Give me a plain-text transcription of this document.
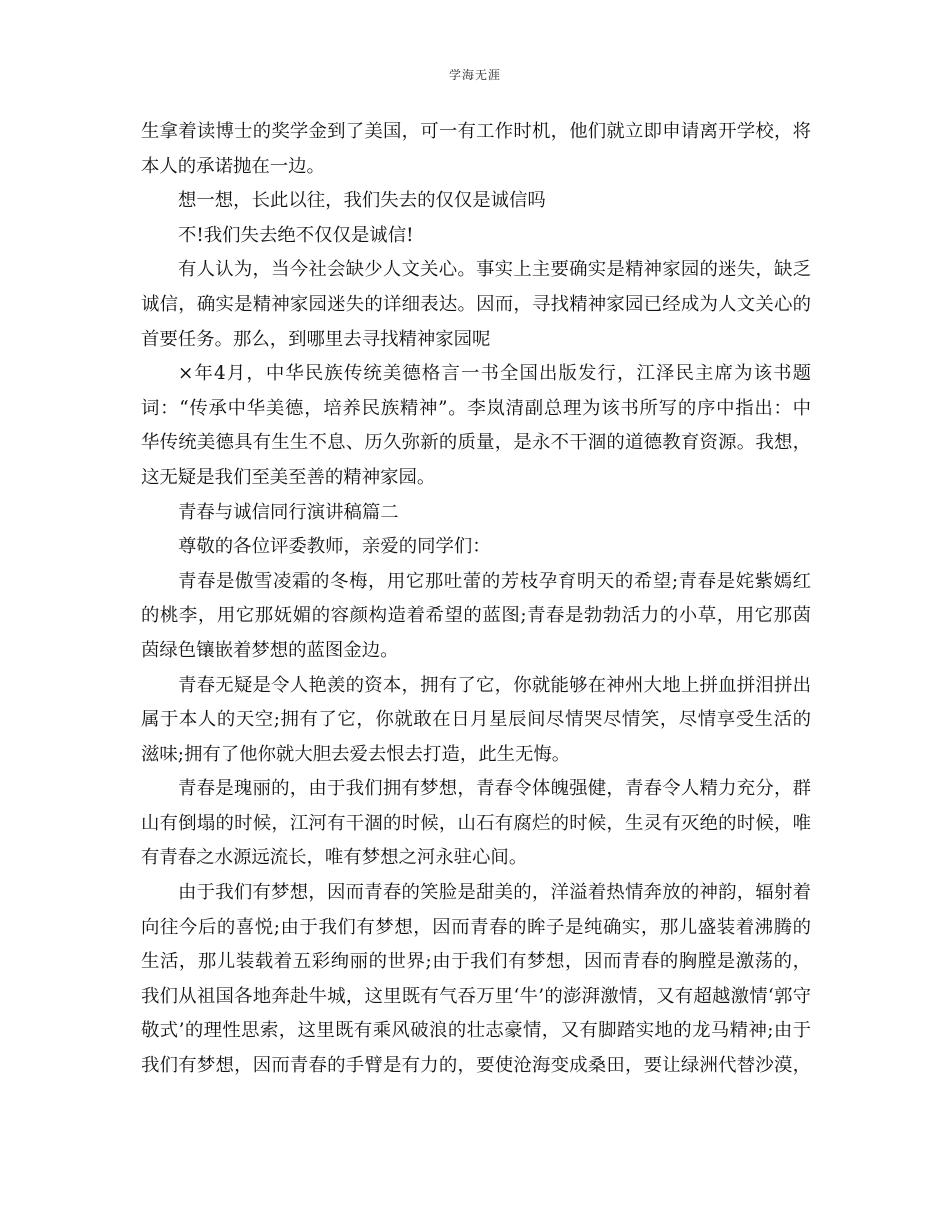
学海无涯
生拿着读博士的奖学金到了美国，可一有工作时机，他们就立即申请离开学校，将
本人的承诺抛在一边。
想一想，长此以往，我们失去的仅仅是诚信吗
不!我们失去绝不仅仅是诚信!
有人认为，当今社会缺少人文关心。事实上主要确实是精神家园的迷失，缺乏
诚信，确实是精神家园迷失的详细表达。因而，寻找精神家园已经成为人文关心的
首要任务。那么，到哪里去寻找精神家园呢
×年4月，中华民族传统美德格言一书全国出版发行，江泽民主席为该书题
词：“传承中华美德，培养民族精神”。李岚清副总理为该书所写的序中指出：中
华传统美德具有生生不息、历久弥新的质量，是永不干涸的道德教育资源。我想，
这无疑是我们至美至善的精神家园。
青春与诚信同行演讲稿篇二
尊敬的各位评委教师，亲爱的同学们：
青春是傲雪凌霜的冬梅，用它那吐蕾的芳枝孕育明天的希望;青春是姹紫嫣红
的桃李，用它那妩媚的容颜构造着希望的蓝图;青春是勃勃活力的小草，用它那茵
茵绿色镶嵌着梦想的蓝图金边。
青春无疑是令人艳羡的资本，拥有了它，你就能够在神州大地上拼血拼泪拼出
属于本人的天空;拥有了它，你就敢在日月星辰间尽情哭尽情笑，尽情享受生活的
滋味;拥有了他你就大胆去爱去恨去打造，此生无悔。
青春是瑰丽的，由于我们拥有梦想，青春令体魄强健，青春令人精力充分，群
山有倒塌的时候，江河有干涸的时候，山石有腐烂的时候，生灵有灭绝的时候，唯
有青春之水源远流长，唯有梦想之河永驻心间。
由于我们有梦想，因而青春的笑脸是甜美的，洋溢着热情奔放的神韵，辐射着
向往今后的喜悦;由于我们有梦想，因而青春的眸子是纯确实，那儿盛装着沸腾的
生活，那儿装载着五彩绚丽的世界;由于我们有梦想，因而青春的胸膛是激荡的，
我们从祖国各地奔赴牛城，这里既有气吞万里‘牛’的澎湃激情，又有超越激情‘郭守
敬式’的理性思索，这里既有乘风破浪的壮志豪情，又有脚踏实地的龙马精神;由于
我们有梦想，因而青春的手臂是有力的，要使沧海变成桑田，要让绿洲代替沙漠，
